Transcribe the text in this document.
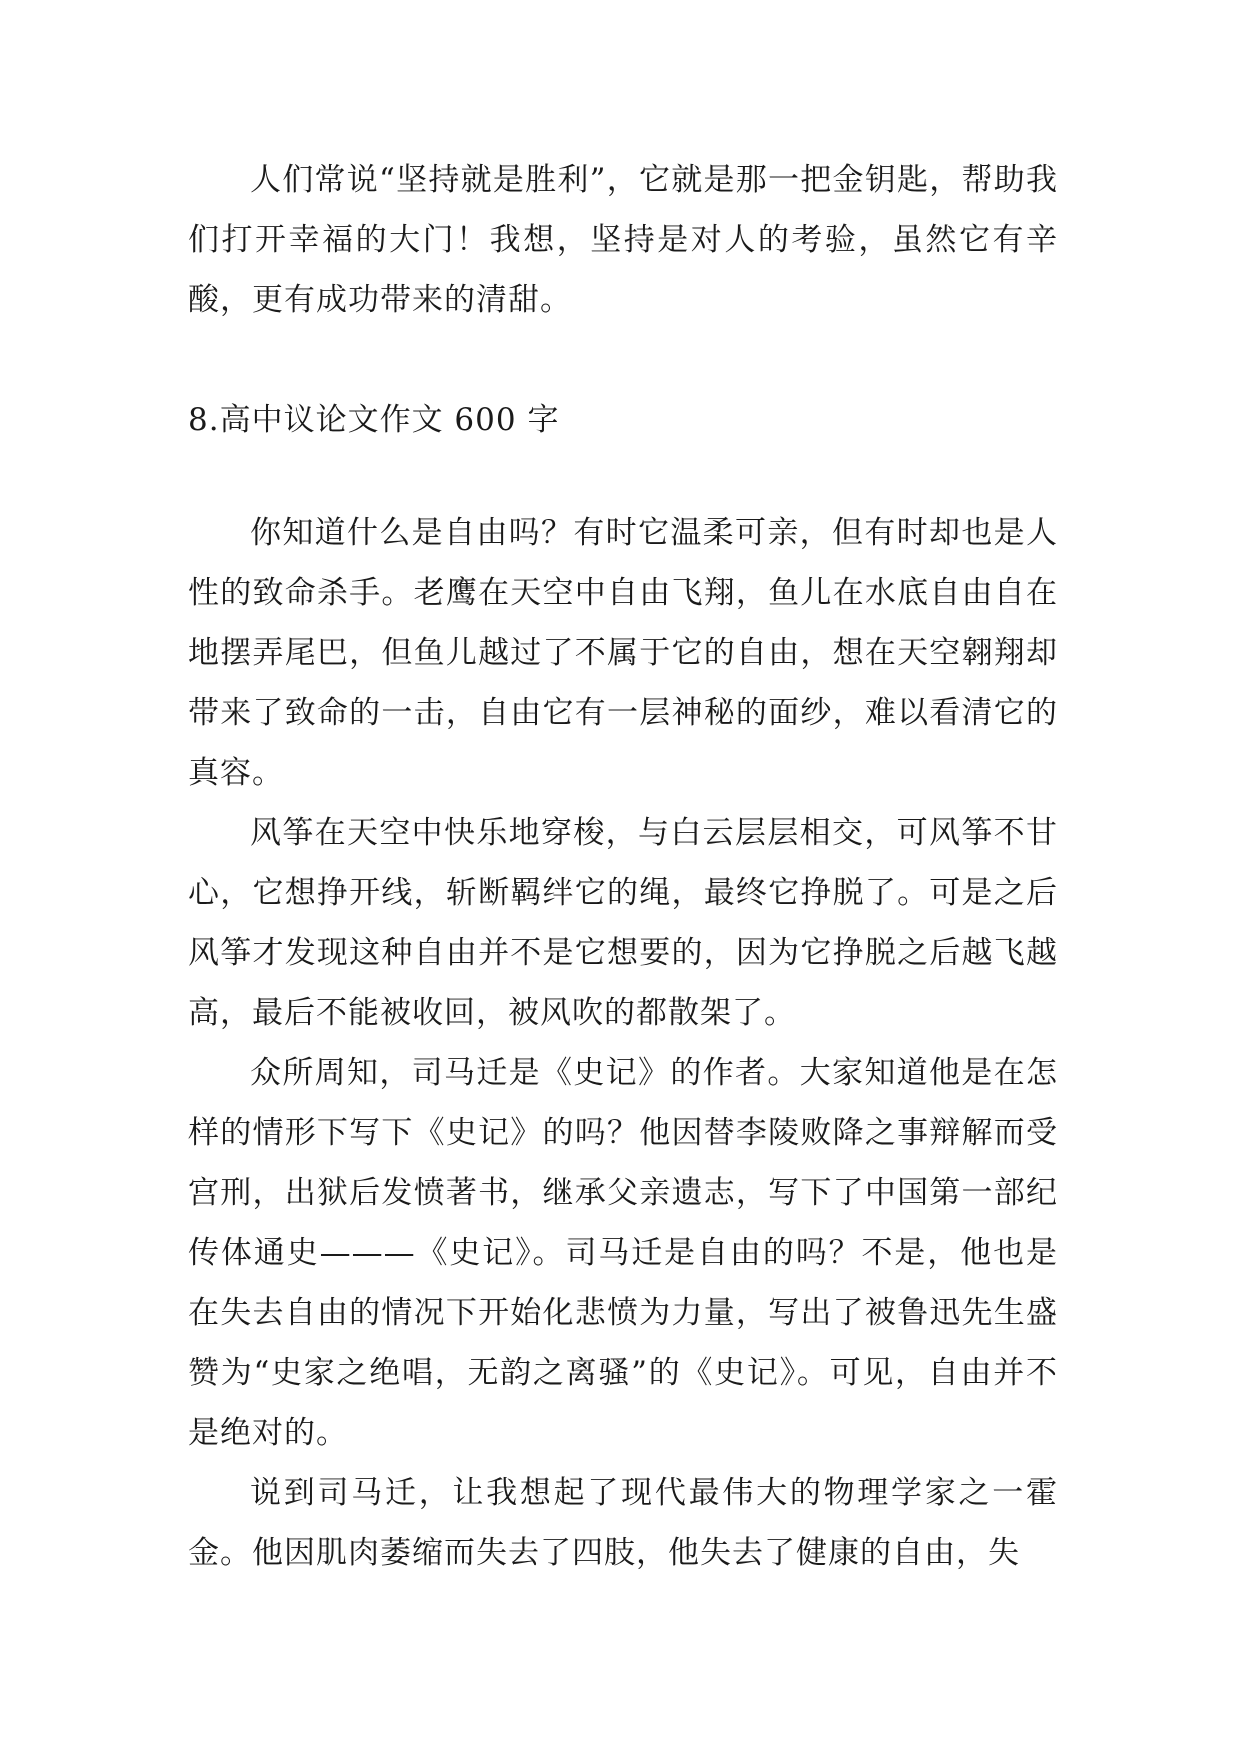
人们常说“坚持就是胜利”，它就是那一把金钥匙，帮助我们打开幸福的大门！我想，坚持是对人的考验，虽然它有辛酸，更有成功带来的清甜。

8.高中议论文作文 600 字

你知道什么是自由吗？有时它温柔可亲，但有时却也是人性的致命杀手。老鹰在天空中自由飞翔，鱼儿在水底自由自在地摆弄尾巴，但鱼儿越过了不属于它的自由，想在天空翱翔却带来了致命的一击，自由它有一层神秘的面纱，难以看清它的真容。

风筝在天空中快乐地穿梭，与白云层层相交，可风筝不甘心，它想挣开线，斩断羁绊它的绳，最终它挣脱了。可是之后风筝才发现这种自由并不是它想要的，因为它挣脱之后越飞越高，最后不能被收回，被风吹的都散架了。

众所周知，司马迁是《史记》的作者。大家知道他是在怎样的情形下写下《史记》的吗？他因替李陵败降之事辩解而受宫刑，出狱后发愤著书，继承父亲遗志，写下了中国第一部纪传体通史———《史记》。司马迁是自由的吗？不是，他也是在失去自由的情况下开始化悲愤为力量，写出了被鲁迅先生盛赞为“史家之绝唱，无韵之离骚”的《史记》。可见，自由并不是绝对的。

说到司马迁，让我想起了现代最伟大的物理学家之一霍金。他因肌肉萎缩而失去了四肢，他失去了健康的自由，失
